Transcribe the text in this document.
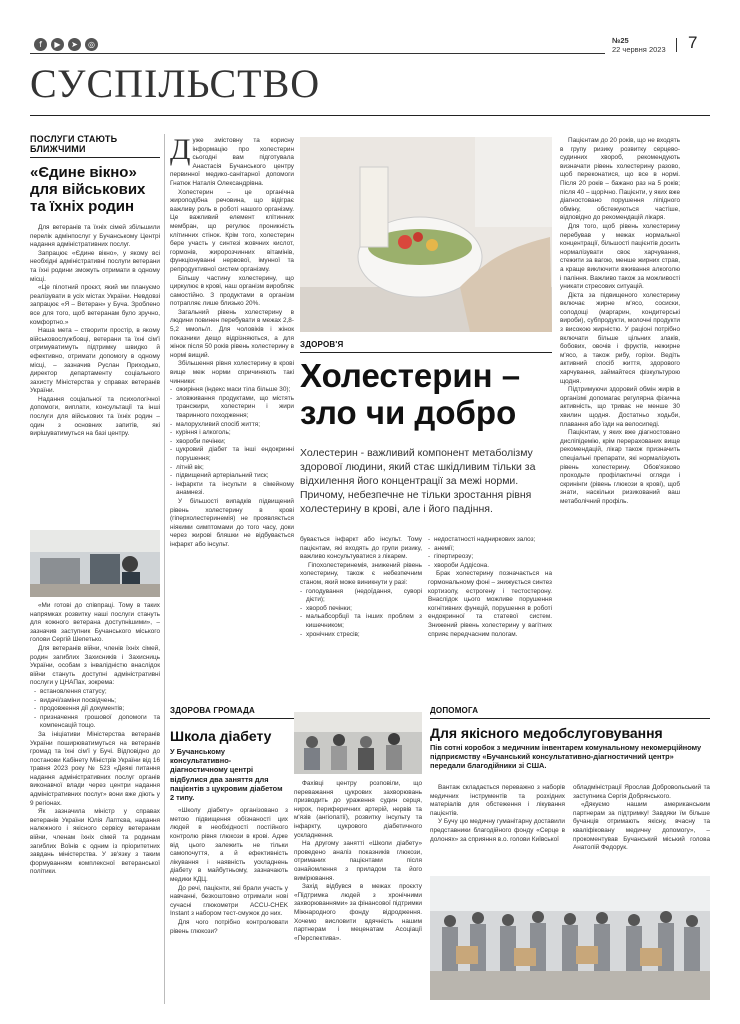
f	▶	➤	◎	№25
22 червня 2023 7
СУСПІЛЬСТВО
ПОСЛУГИ СТАЮТЬ БЛИЖЧИМИ
«Єдине вікно» для військових та їхніх родин

Для ветеранів та їхніх сімей збільшили перелік адмінпослуг у Бучанському Центрі надання адміністративних послуг.

Запрацює «Єдине вікно», у якому всі необхідні адміністративні послуги ветерани та їхні родини зможуть отримати в одному місці.

«Це пілотний проєкт, який ми плануємо реалізувати в усіх містах України. Невдовзі запрацює «Я – Ветеран» у Буча. Зроблено все для того, щоб ветеранам було зручно, комфортно.»

Наша мета – створити простір, в якому військовослужбовці, ветерани та їхні сім'ї отримуватимуть підтримку швидко й ефективно, отримати допомогу в одному місці, – зазначив Руслан Приходько, директор департаменту соціального захисту Міністерства у справах ветеранів України.

Надання соціальної та психологічної допомоги, виплати, консультації та інші послуги для військових та їхніх родин – один з основних запитів, які вирішуватимуться на базі центру.

«Ми готові до співпраці. Тому в таких напрямках розвитку наші послуги стануть для кожного ветерана доступнішими», – зазначив заступник Бучанського міського голови Сергій Шепетько.

Для ветеранів війни, членів їхніх сімей, родин загиблих Захисників і Захисниць України, особам з інвалідністю внаслідок війни стануть доступні адміністративні послуги у ЦНАПах, зокрема:

- встановлення статусу;
- видачі/заміни посвідчень;
- продовження дії документів;
- призначення грошової допомоги та компенсацій тощо.

За ініціативи Міністерства ветеранів України поширюватимуться на ветеранів громад та їхні сім'ї у Бучі. Відповідно до постанови Кабінету Міністрів України від 16 травня 2023 року № 523 «Деякі питання надання адміністративних послуг органів виконавчої влади через центри надання адміністративних послуг» вони вже діють у 9 регіонах.

Як зазначила міністр у справах ветеранів України Юлія Лаптєва, надання належного і якісного сервісу ветеранам війни, членам їхніх сімей та родинам загиблих Воїнів є одним із пріоритетних завдань міністерства. У зв'язку з таким формуванням комплексної ветеранської політики.

Дуже змістовну та корисну інформацію про холестерин сьогодні вам підготувала Анастасія Бучанського центру первинної медико-санітарної допомоги Гнатюк Наталія Олександрівна.

Холестерин – це органічна жироподібна речовина, що відіграє важливу роль в роботі нашого організму. Це важливий елемент клітинних мембран, що регулює проникність клітинних стінок. Крім того, холестерин бере участь у синтезі жовчних кислот, гормонів, жиророзчинних вітамінів, функціонуванні нервової, імунної та репродуктивної систем організму.

Більшу частину холестерину, що циркулює в крові, наш організм виробляє самостійно. З продуктами в організм потрапляє лише близько 20%.

Загальний рівень холестерину в людини повинен перебувати в межах 2,8-5,2 ммоль/л. Для чоловіків і жінок показники дещо відрізняються, а для жінок після 50 років рівень холестерину в нормі вищий.

Збільшення рівня холестерину в крові вище меж норми спричиняють такі чинники:

- ожиріння (індекс маси тіла більше 30);
- зловживання продуктами, що містять трансжири, холестерин і жири тваринного походження;
- малорухливий спосіб життя;
- куріння і алкоголь;
- хвороби печінки;
- цукровий діабет та інші ендокринні порушення;
- літній вік;
- підвищений артеріальний тиск;
- інфаркти та інсульти в сімейному анамнезі.

У більшості випадків підвищений рівень холестерину в крові (гіперхолестеринемія) не проявляється ніякими симптомами до того часу, доки через жирові бляшки не відбувається інфаркт або інсульт.

ЗДОРОВ'Я
Холестерин – зло чи добро
Холестерин - важливий компонент метаболізму здорової людини, який стає шкідливим тільки за відхилення його концентрації за межі норми. Причому, небезпечне не тільки зростання рівня холестерину в крові, але і його падіння.

бувається інфаркт або інсульт. Тому пацієнтам, які входять до групи ризику, важливо консультуватися з лікарем.

Гіпохолестеринемія, знижений рівень холестерину, також є небезпечним станом, який може виникнути у разі:

- голодування (недоїдання, суворі дієти);
- хвороб печінки;
- мальабсорбції та інших проблем з кишечником;
- хронічних стресів;
- недостатності надниркових залоз;
- анемії;
- гіпертиреозу;
- хвороби Аддісона.

Брак холестерину позначається на гормональному фоні – знижується синтез кортизолу, естрогену і тестостерону. Внаслідок цього можливе порушення когнітивних функцій, порушення в роботі ендокринної та статевої систем. Знижений рівень холестерину у вагітних сприяє передчасним пологам.

Пацієнтам до 20 років, що не входять в групу ризику розвитку серцево-судинних хвороб, рекомендують визначати рівень холестерину разово, щоб переконатися, що все в нормі. Після 20 років – бажано раз на 5 років; після 40 – щорічно. Пацієнти, у яких вже діагностовано порушення ліпідного обміну, обстежуються частіше, відповідно до рекомендацій лікаря.

Для того, щоб рівень холестерину перебував у межах нормальної концентрації, більшості пацієнтів досить нормалізувати своє харчування, стежити за вагою, менше жирних страв, а краще виключити вживання алкоголю і паління. Важливо також за можливості уникати стресових ситуацій.

Дієта за підвищеного холестерину включає жирне м'ясо, сосиски, солодощі (маргарин, кондитерські вироби), субпродукти, молочні продукти з високою жирністю. У раціоні потрібно включати більше цільних злаків, бобових, овочів і фруктів, нежирне м'ясо, а також рибу, горіхи. Ведіть активний спосіб життя, здорового харчування, займайтеся фізкультурою щодня.

Підтримуючи здоровий обмін жирів в організмі допомагає регулярна фізична активність, що триває не менше 30 хвилин щодня. Достатньо ходьби, плавання або їзди на велосипеді.

Пацієнтам, у яких вже діагностовано дисліпідемію, крім перерахованих вище рекомендацій, лікар також призначить спеціальні препарати, які нормалізують рівень холестерину. Обов'язково проходьте профілактичні огляди і скринінги (рівень глюкози в крові), щоб знати, наскільки ризикований ваш метаболічний профіль.

ЗДОРОВА ГРОМАДА
Школа діабету
У Бучанському консультативно-діагностичному центрі відбулися два заняття для пацієнтів з цукровим діабетом 2 типу.

«Школу діабету» організовано з метою підвищення обізнаності цих людей в необхідності постійного контролю рівня глюкози в крові. Адже від цього залежить не тільки самопочуття, а й ефективність лікування і наявність ускладнень діабету в майбутньому, зазначають медики КДЦ.

До речі, пацієнти, які брали участь у навчанні, безкоштовно отримали нові сучасні глюкометри ACCU-CHEK Instant з набором тест-смужок до них.

Для чого потрібно контролювати рівень глюкози?

Фахівці центру розповіли, що переважання цукрових захворювань призводить до ураження судин серця, нирок, периферичних артерій, нервів та м'язів (ангіопатії), розвитку інсульту та інфаркту, цукрового діабетичного ускладнення.

На другому занятті «Школи діабету» проведено аналіз показників глюкози, отриманих пацієнтами після ознайомлення з приладом та його вимірювання.

Захід відбувся в межах проєкту «Підтримка людей з хронічними захворюваннями» за фінансової підтримки Міжнародного фонду відродження. Хочемо висловити вдячність нашим партнерам і меценатам Асоціації «Перспектива».

ДОПОМОГА
Для якісного медобслуговування
Пів сотні коробок з медичним інвентарем комунальному некомерційному підприємству «Бучанський консультативно-діагностичний центр» передали благодійники зі США.

Вантаж складається переважно з наборів медичних інструментів та розхідних матеріалів для обстеження і лікування пацієнтів.

У Бучу цю медичну гуманітарну доставили представники благодійного фонду «Серце в долонях» за сприяння в.о. голови Київської

обладміністрації Ярослав Добровольський та заступника Сергія Добрянського.

«Дякуємо нашим американським партнерам за підтримку! Завдяки їм більше бучанців отримають якісну, вчасну та кваліфіковану медичну допомогу», – прокоментував Бучанський міський голова Анатолій Федорук.
